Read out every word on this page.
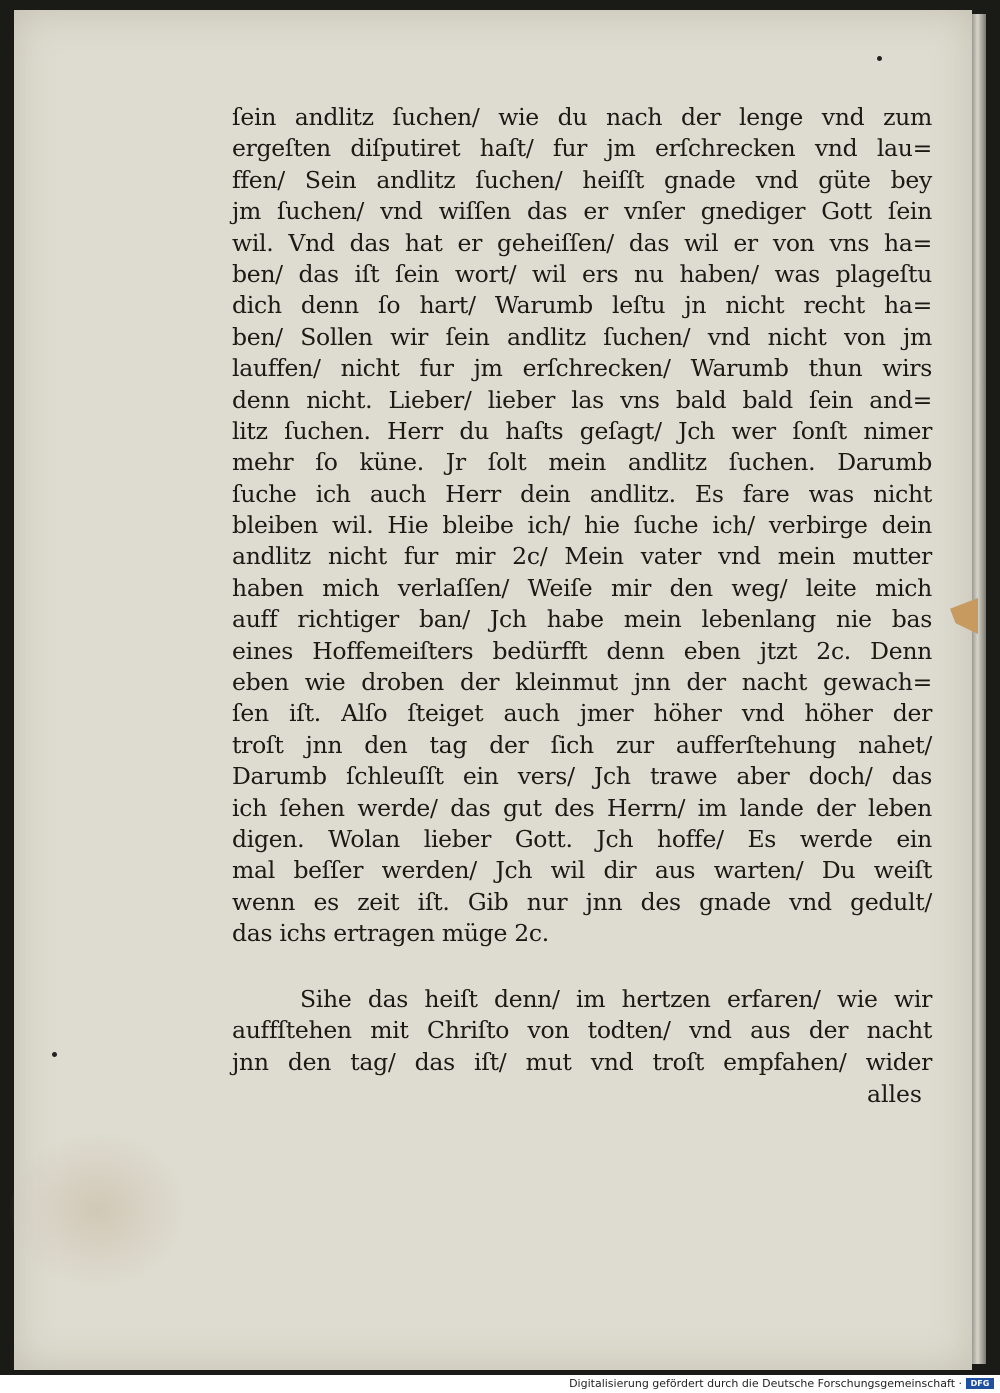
ſein andlitz ſuchen/ wie du nach der lenge vnd zum
ergeſten diſputiret haſt/ fur jm erſchrecken vnd lau=
ffen/ Sein andlitz ſuchen/ heiſſt gnade vnd güte bey
jm ſuchen/ vnd wiſſen das er vnſer gnediger Gott ſein
wil. Vnd das hat er geheiſſen/ das wil er von vns ha=
ben/ das iſt ſein wort/ wil ers nu haben/ was plageſtu
dich denn ſo hart/ Warumb leſtu jn nicht recht ha=
ben/ Sollen wir ſein andlitz ſuchen/ vnd nicht von jm
lauffen/ nicht fur jm erſchrecken/ Warumb thun wirs
denn nicht. Lieber/ lieber las vns bald bald ſein and=
litz ſuchen. Herr du haſts geſagt/ Jch wer ſonſt nimer
mehr ſo küne. Jr ſolt mein andlitz ſuchen. Darumb
ſuche ich auch Herr dein andlitz. Es fare was nicht
bleiben wil. Hie bleibe ich/ hie ſuche ich/ verbirge dein
andlitz nicht fur mir 2c/ Mein vater vnd mein mutter
haben mich verlaſſen/ Weiſe mir den weg/ leite mich
auff richtiger ban/ Jch habe mein lebenlang nie bas
eines Hoffemeiſters bedürfft denn eben jtzt 2c. Denn
eben wie droben der kleinmut jnn der nacht gewach=
ſen iſt. Alſo ſteiget auch jmer höher vnd höher der
troſt jnn den tag der ſich zur aufferſtehung nahet/
Darumb ſchleuſſt ein vers/ Jch trawe aber doch/ das
ich ſehen werde/ das gut des Herrn/ im lande der leben
digen. Wolan lieber Gott. Jch hoffe/ Es werde ein
mal beſſer werden/ Jch wil dir aus warten/ Du weiſt
wenn es zeit iſt. Gib nur jnn des gnade vnd gedult/
das ichs ertragen müge 2c.
Sihe das heiſt denn/ im hertzen erfaren/ wie wir
auffſtehen mit Chriſto von todten/ vnd aus der nacht
jnn den tag/ das iſt/ mut vnd troſt empfahen/ wider
alles
Digitalisierung gefördert durch die Deutsche Forschungsgemeinschaft ·	DFG
